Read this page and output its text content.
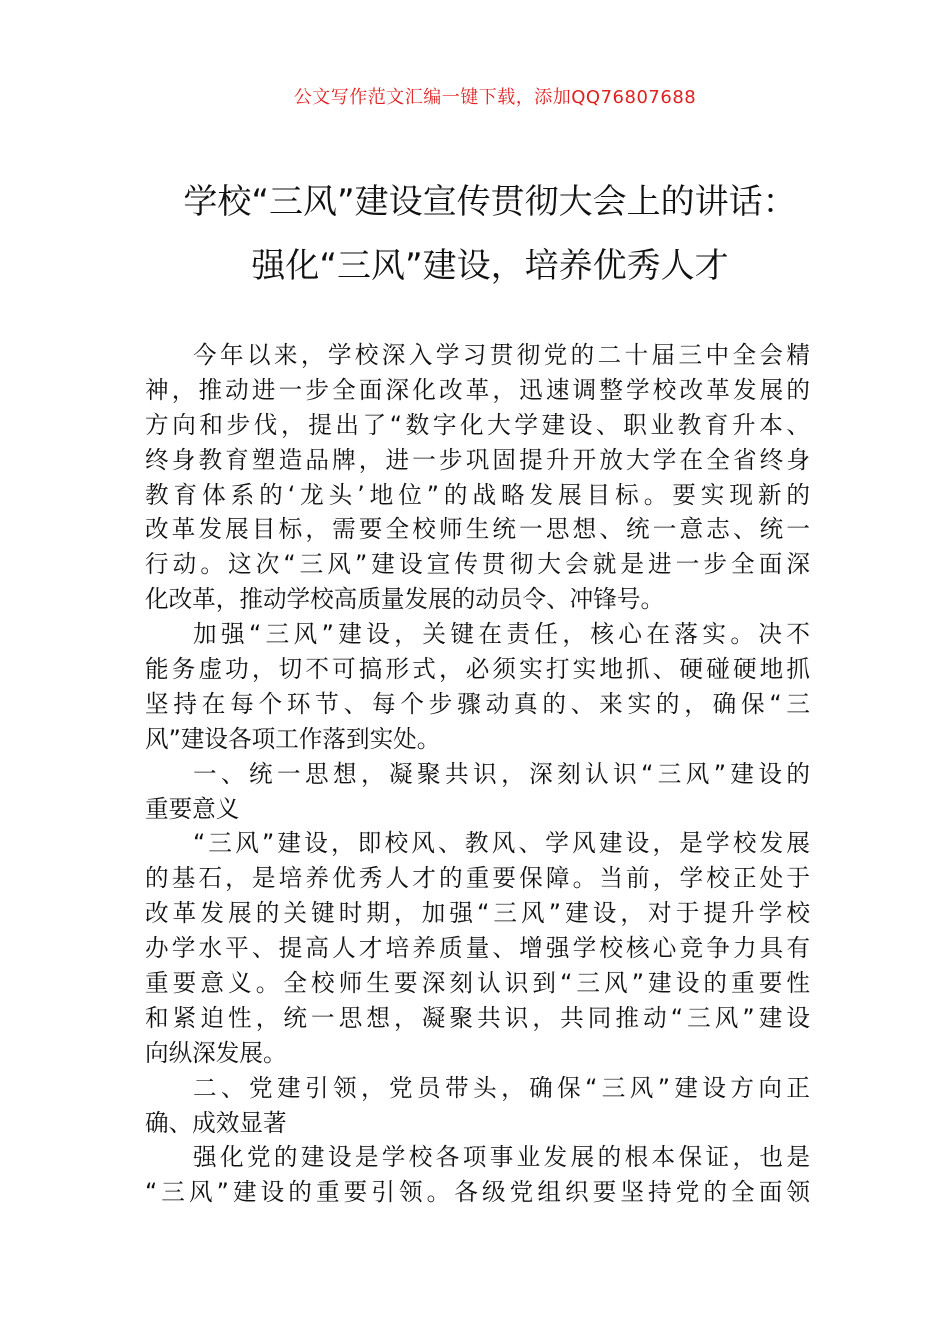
公文写作范文汇编一键下载，添加QQ76807688
学校“三风”建设宣传贯彻大会上的讲话：
强化“三风”建设，培养优秀人才
今年以来，学校深入学习贯彻党的二十届三中全会精
神，推动进一步全面深化改革，迅速调整学校改革发展的
方向和步伐，提出了“数字化大学建设、职业教育升本、
终身教育塑造品牌，进一步巩固提升开放大学在全省终身
教育体系的‘龙头’地位”的战略发展目标。要实现新的
改革发展目标，需要全校师生统一思想、统一意志、统一
行动。这次“三风”建设宣传贯彻大会就是进一步全面深
化改革，推动学校高质量发展的动员令、冲锋号。
加强“三风”建设，关键在责任，核心在落实。决不
能务虚功，切不可搞形式，必须实打实地抓、硬碰硬地抓
坚持在每个环节、每个步骤动真的、来实的，确保“三
风”建设各项工作落到实处。
一、统一思想，凝聚共识，深刻认识“三风”建设的
重要意义
“三风”建设，即校风、教风、学风建设，是学校发展
的基石，是培养优秀人才的重要保障。当前，学校正处于
改革发展的关键时期，加强“三风”建设，对于提升学校
办学水平、提高人才培养质量、增强学校核心竞争力具有
重要意义。全校师生要深刻认识到“三风”建设的重要性
和紧迫性，统一思想，凝聚共识，共同推动“三风”建设
向纵深发展。
二、党建引领，党员带头，确保“三风”建设方向正
确、成效显著
强化党的建设是学校各项事业发展的根本保证，也是
“三风”建设的重要引领。各级党组织要坚持党的全面领
